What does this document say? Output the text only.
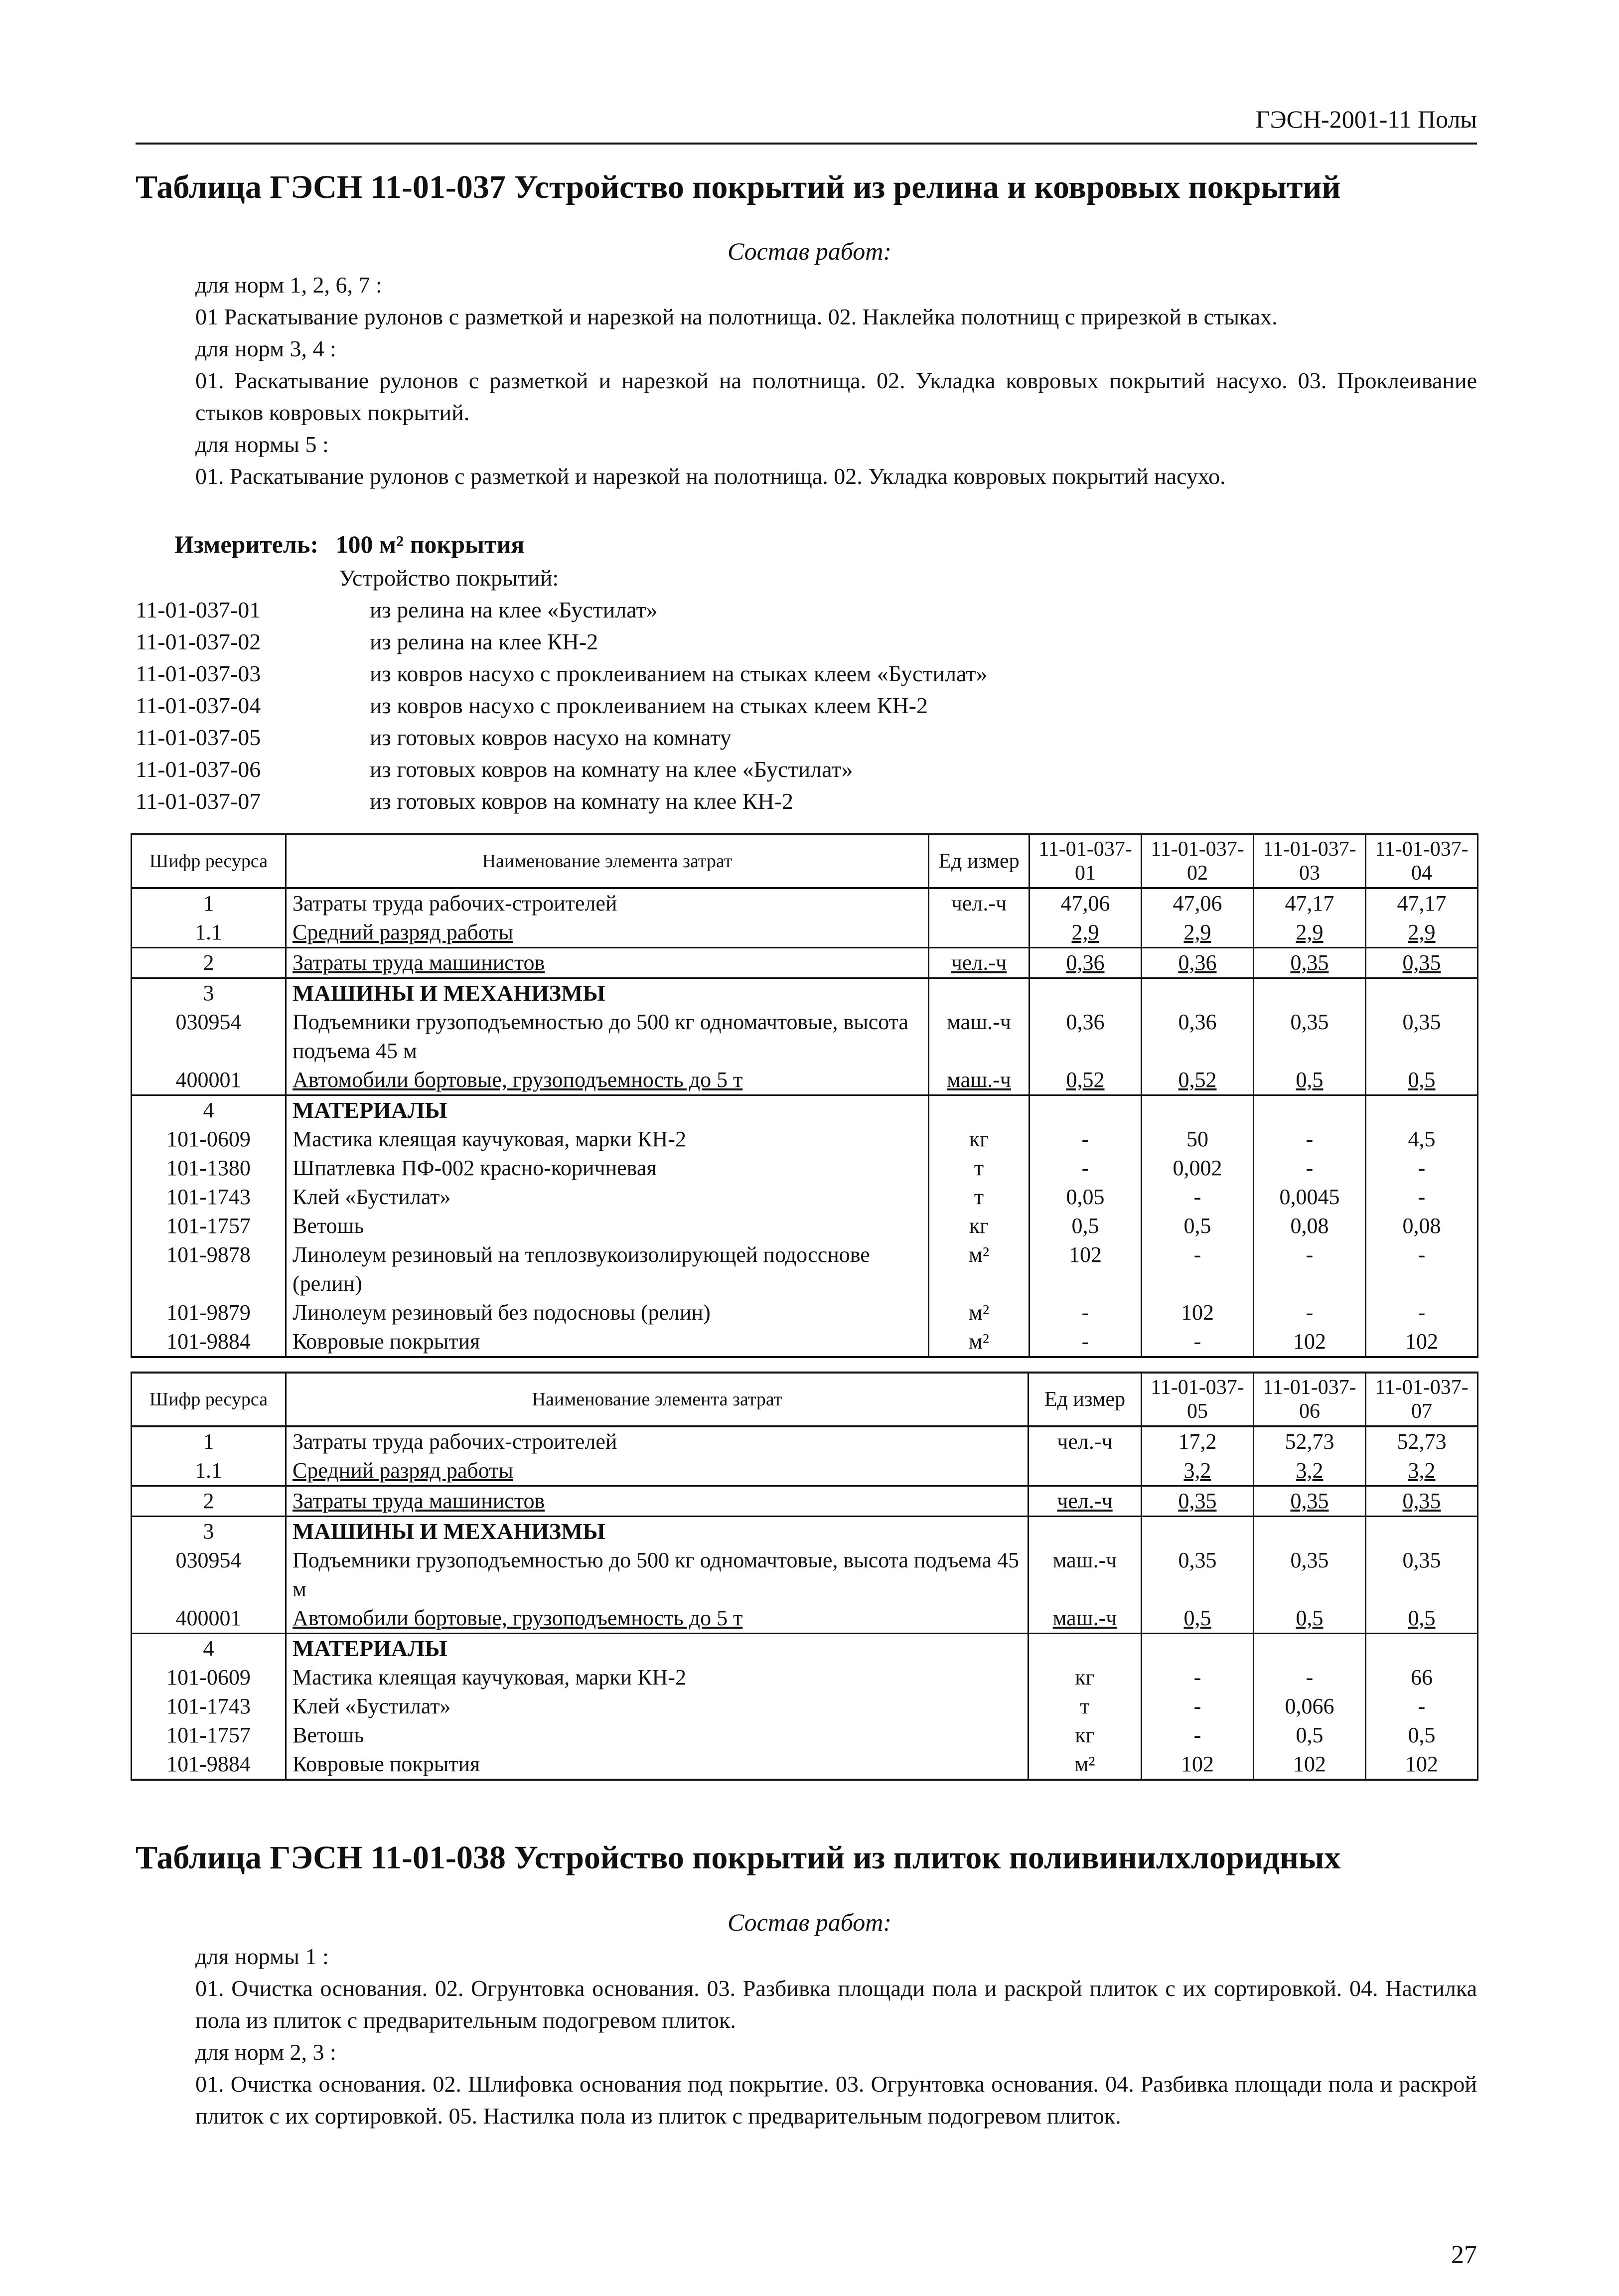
ГЭСН-2001-11 Полы
Таблица ГЭСН 11-01-037 Устройство покрытий из релина и ковровых покрытий
Состав работ:
для норм 1, 2, 6, 7 :
01 Раскатывание рулонов с разметкой и нарезкой на полотнища. 02. Наклейка полотнищ с прирезкой в стыках.
для норм 3, 4 :
01. Раскатывание рулонов с разметкой и нарезкой на полотнища. 02. Укладка ковровых покрытий насухо. 03. Проклеивание стыков ковровых покрытий.
для нормы 5 :
01. Раскатывание рулонов с разметкой и нарезкой на полотнища. 02. Укладка ковровых покрытий насухо.
Измеритель: 100 м² покрытия
Устройство покрытий:
11-01-037-01	из релина на клее «Бустилат»
11-01-037-02	из релина на клее КН-2
11-01-037-03	из ковров насухо с проклеиванием на стыках клеем «Бустилат»
11-01-037-04	из ковров насухо с проклеиванием на стыках клеем КН-2
11-01-037-05	из готовых ковров насухо на комнату
11-01-037-06	из готовых ковров на комнату на клее «Бустилат»
11-01-037-07	из готовых ковров на комнату на клее КН-2
Шифр ресурса	Наименование элемента затрат	Ед измер	11-01-037-01	11-01-037-02	11-01-037-03	11-01-037-04
1	Затраты труда рабочих-строителей	чел.-ч	47,06	47,06	47,17	47,17
1.1	Средний разряд работы		2,9	2,9	2,9	2,9
2	Затраты труда машинистов	чел.-ч	0,36	0,36	0,35	0,35
3	МАШИНЫ И МЕХАНИЗМЫ					
030954	Подъемники грузоподъемностью до 500 кг одномачтовые, высота подъема 45 м	маш.-ч	0,36	0,36	0,35	0,35
400001	Автомобили бортовые, грузоподъемность до 5 т	маш.-ч	0,52	0,52	0,5	0,5
4	МАТЕРИАЛЫ					
101-0609	Мастика клеящая каучуковая, марки КН-2	кг	-	50	-	4,5
101-1380	Шпатлевка ПФ-002 красно-коричневая	т	-	0,002	-	-
101-1743	Клей «Бустилат»	т	0,05	-	0,0045	-
101-1757	Ветошь	кг	0,5	0,5	0,08	0,08
101-9878	Линолеум резиновый на теплозвукоизолирующей подосснове (релин)	м²	102	-	-	-
101-9879	Линолеум резиновый без подосновы (релин)	м²	-	102	-	-
101-9884	Ковровые покрытия	м²	-	-	102	102
Шифр ресурса	Наименование элемента затрат	Ед измер	11-01-037-05	11-01-037-06	11-01-037-07
1	Затраты труда рабочих-строителей	чел.-ч	17,2	52,73	52,73
1.1	Средний разряд работы		3,2	3,2	3,2
2	Затраты труда машинистов	чел.-ч	0,35	0,35	0,35
3	МАШИНЫ И МЕХАНИЗМЫ				
030954	Подъемники грузоподъемностью до 500 кг одномачтовые, высота подъема 45 м	маш.-ч	0,35	0,35	0,35
400001	Автомобили бортовые, грузоподъемность до 5 т	маш.-ч	0,5	0,5	0,5
4	МАТЕРИАЛЫ				
101-0609	Мастика клеящая каучуковая, марки КН-2	кг	-	-	66
101-1743	Клей «Бустилат»	т	-	0,066	-
101-1757	Ветошь	кг	-	0,5	0,5
101-9884	Ковровые покрытия	м²	102	102	102
Таблица ГЭСН 11-01-038 Устройство покрытий из плиток поливинилхлоридных
Состав работ:
для нормы 1 :
01. Очистка основания. 02. Огрунтовка основания. 03. Разбивка площади пола и раскрой плиток с их сортировкой. 04. Настилка пола из плиток с предварительным подогревом плиток.
для норм 2, 3 :
01. Очистка основания. 02. Шлифовка основания под покрытие. 03. Огрунтовка основания. 04. Разбивка площади пола и раскрой плиток с их сортировкой. 05. Настилка пола из плиток с предварительным подогревом плиток.
27
